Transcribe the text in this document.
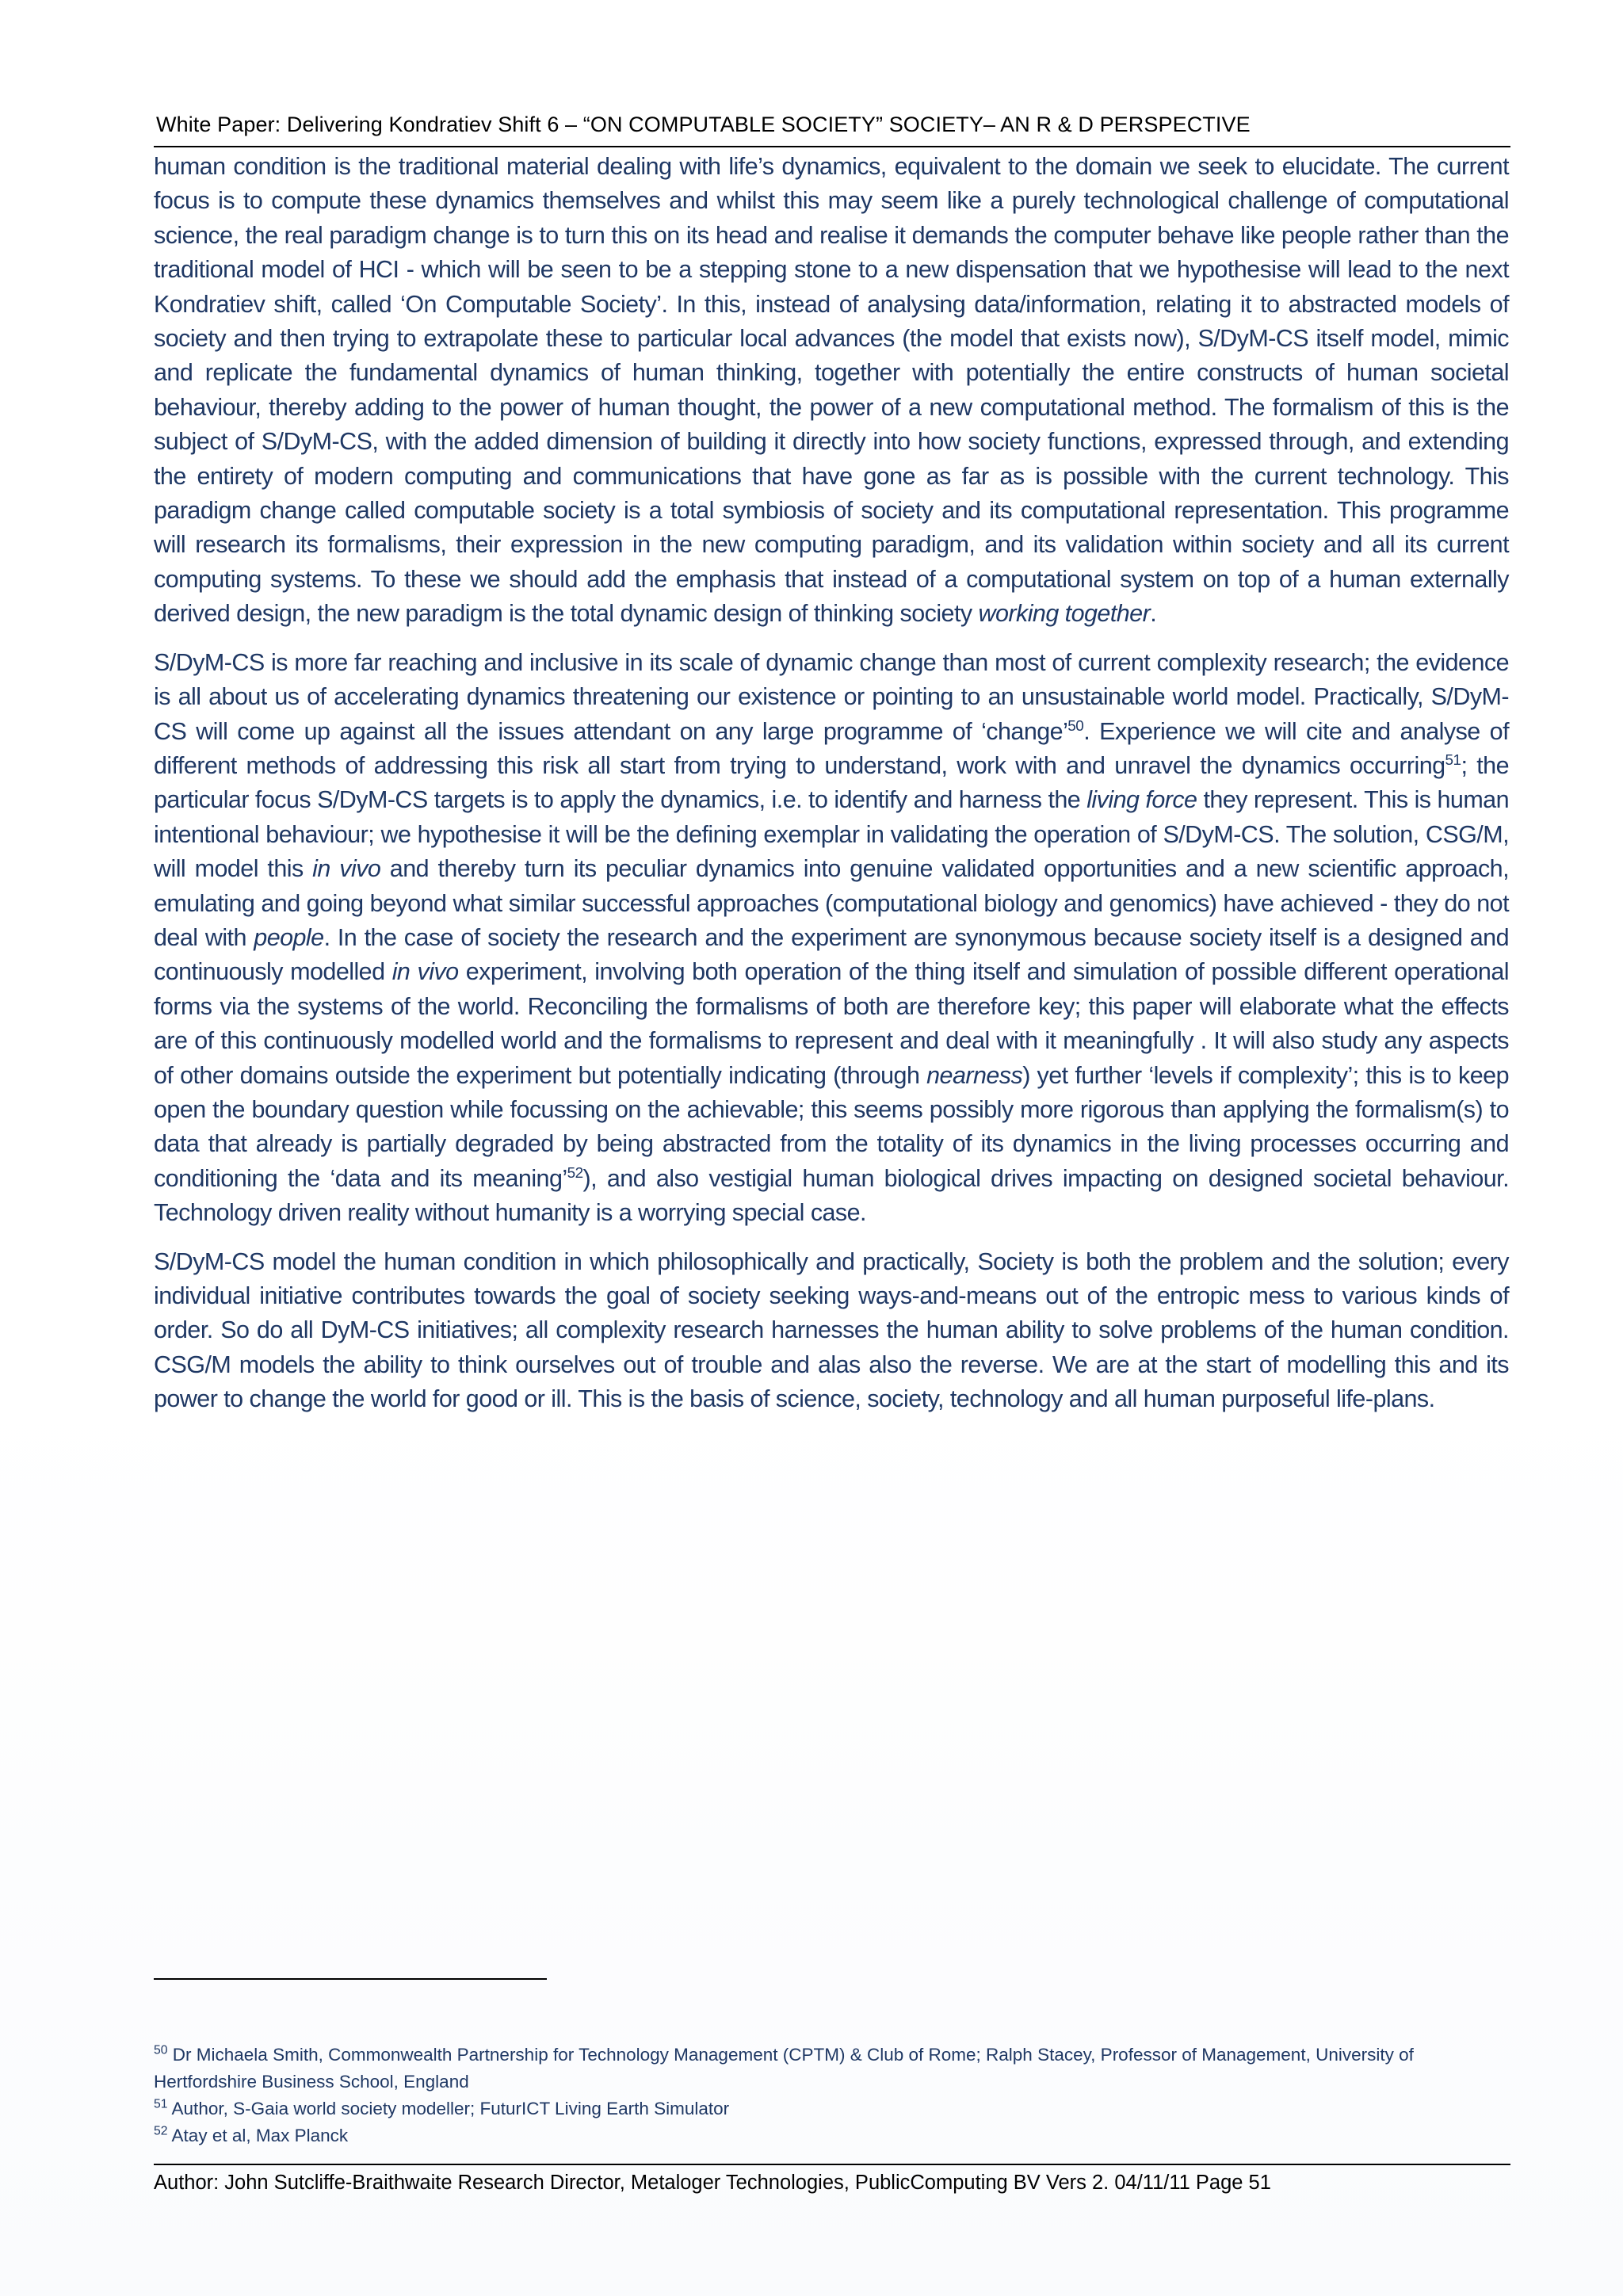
White Paper: Delivering Kondratiev Shift 6 – “ON COMPUTABLE SOCIETY” SOCIETY– AN R & D PERSPECTIVE

human condition is the traditional material dealing with life’s dynamics, equivalent to the domain we seek to elucidate. The current focus is to compute these dynamics themselves and whilst this may seem like a purely technological challenge of computational science, the real paradigm change is to turn this on its head and realise it demands the computer behave like people rather than the traditional model of HCI - which will be seen to be a stepping stone to a new dispensation that we hypothesise will lead to the next Kondratiev shift, called ‘On Computable Society’. In this, instead of analysing data/information, relating it to abstracted models of society and then trying to extrapolate these to particular local advances (the model that exists now), S/DyM-CS itself model, mimic and replicate the fundamental dynamics of human thinking, together with potentially the entire constructs of human societal behaviour, thereby adding to the power of human thought, the power of a new computational method. The formalism of this is the subject of S/DyM-CS, with the added dimension of building it directly into how society functions, expressed through, and extending the entirety of modern computing and communications that have gone as far as is possible with the current technology. This paradigm change called computable society is a total symbiosis of society and its computational representation. This programme will research its formalisms, their expression in the new computing paradigm, and its validation within society and all its current computing systems. To these we should add the emphasis that instead of a computational system on top of a human externally derived design, the new paradigm is the total dynamic design of thinking society working together.

S/DyM-CS is more far reaching and inclusive in its scale of dynamic change than most of current complexity research; the evidence is all about us of accelerating dynamics threatening our existence or pointing to an unsustainable world model. Practically, S/DyM-CS will come up against all the issues attendant on any large programme of ‘change’$^{50}$. Experience we will cite and analyse of different methods of addressing this risk all start from trying to understand, work with and unravel the dynamics occurring$^{51}$; the particular focus S/DyM-CS targets is to apply the dynamics, i.e. to identify and harness the living force they represent. This is human intentional behaviour; we hypothesise it will be the defining exemplar in validating the operation of S/DyM-CS. The solution, CSG/M, will model this in vivo and thereby turn its peculiar dynamics into genuine validated opportunities and a new scientific approach, emulating and going beyond what similar successful approaches (computational biology and genomics) have achieved - they do not deal with people. In the case of society the research and the experiment are synonymous because society itself is a designed and continuously modelled in vivo experiment, involving both operation of the thing itself and simulation of possible different operational forms via the systems of the world. Reconciling the formalisms of both are therefore key; this paper will elaborate what the effects are of this continuously modelled world and the formalisms to represent and deal with it meaningfully . It will also study any aspects of other domains outside the experiment but potentially indicating (through nearness) yet further ‘levels if complexity’; this is to keep open the boundary question while focussing on the achievable; this seems possibly more rigorous than applying the formalism(s) to data that already is partially degraded by being abstracted from the totality of its dynamics in the living processes occurring and conditioning the ‘data and its meaning’$^{52}$), and also vestigial human biological drives impacting on designed societal behaviour. Technology driven reality without humanity is a worrying special case.

S/DyM-CS model the human condition in which philosophically and practically, Society is both the problem and the solution; every individual initiative contributes towards the goal of society seeking ways-and-means out of the entropic mess to various kinds of order. So do all DyM-CS initiatives; all complexity research harnesses the human ability to solve problems of the human condition. CSG/M models the ability to think ourselves out of trouble and alas also the reverse. We are at the start of modelling this and its power to change the world for good or ill. This is the basis of science, society, technology and all human purposeful life-plans.

$^{50}$ Dr Michaela Smith, Commonwealth Partnership for Technology Management (CPTM) & Club of Rome; Ralph Stacey, Professor of Management, University of Hertfordshire Business School, England

$^{51}$ Author, S-Gaia world society modeller; FuturICT Living Earth Simulator

$^{52}$ Atay et al, Max Planck

Author: John Sutcliffe-Braithwaite Research Director, Metaloger Technologies, PublicComputing BV Vers 2. 04/11/11 Page 51
